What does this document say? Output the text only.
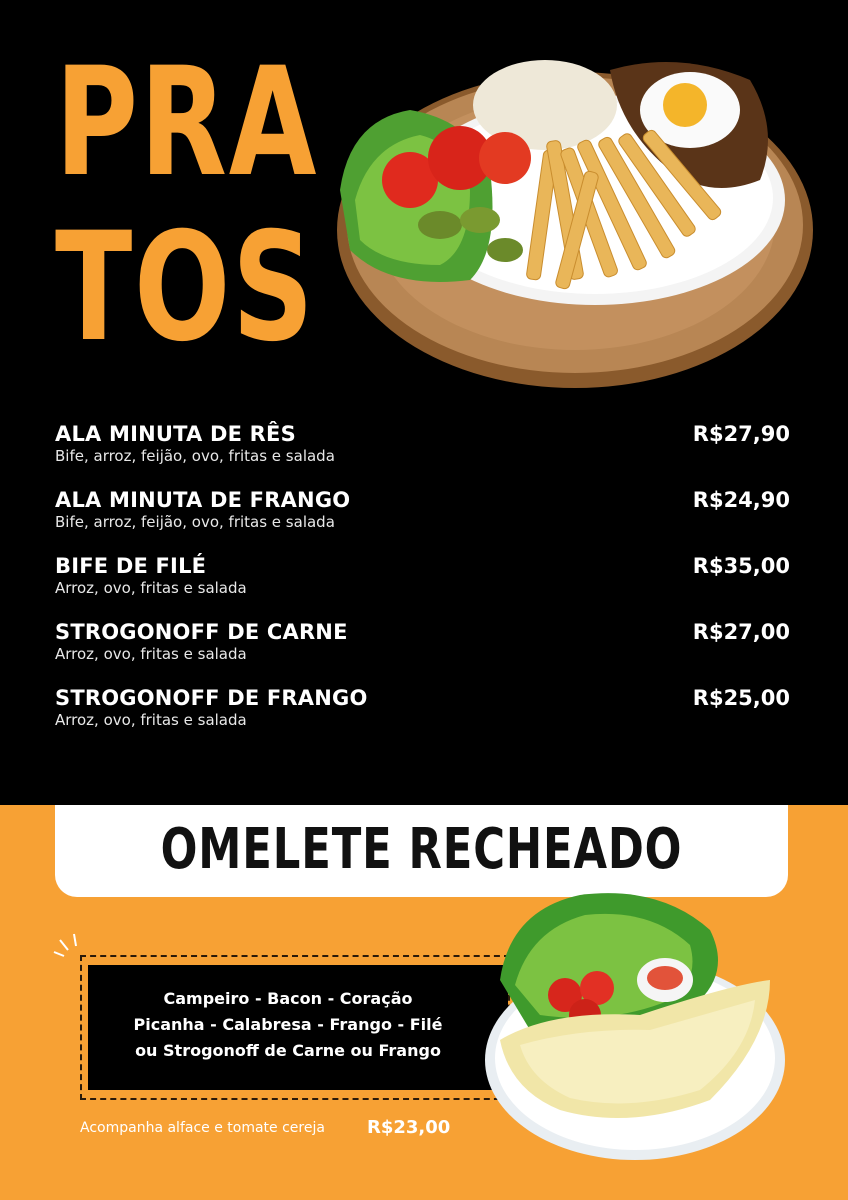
PRA
TOS
ALA MINUTA DE RÊS
Bife, arroz, feijão, ovo, fritas e salada
R$27,90
ALA MINUTA DE FRANGO
Bife, arroz, feijão, ovo, fritas e salada
R$24,90
BIFE DE FILÉ
Arroz, ovo, fritas e salada
R$35,00
STROGONOFF DE CARNE
Arroz, ovo, fritas e salada
R$27,00
STROGONOFF DE FRANGO
Arroz, ovo, fritas e salada
R$25,00
OMELETE RECHEADO
Campeiro - Bacon - Coração
Picanha - Calabresa - Frango - Filé
ou Strogonoff de Carne ou Frango
Acompanha alface e tomate cereja R$23,00
